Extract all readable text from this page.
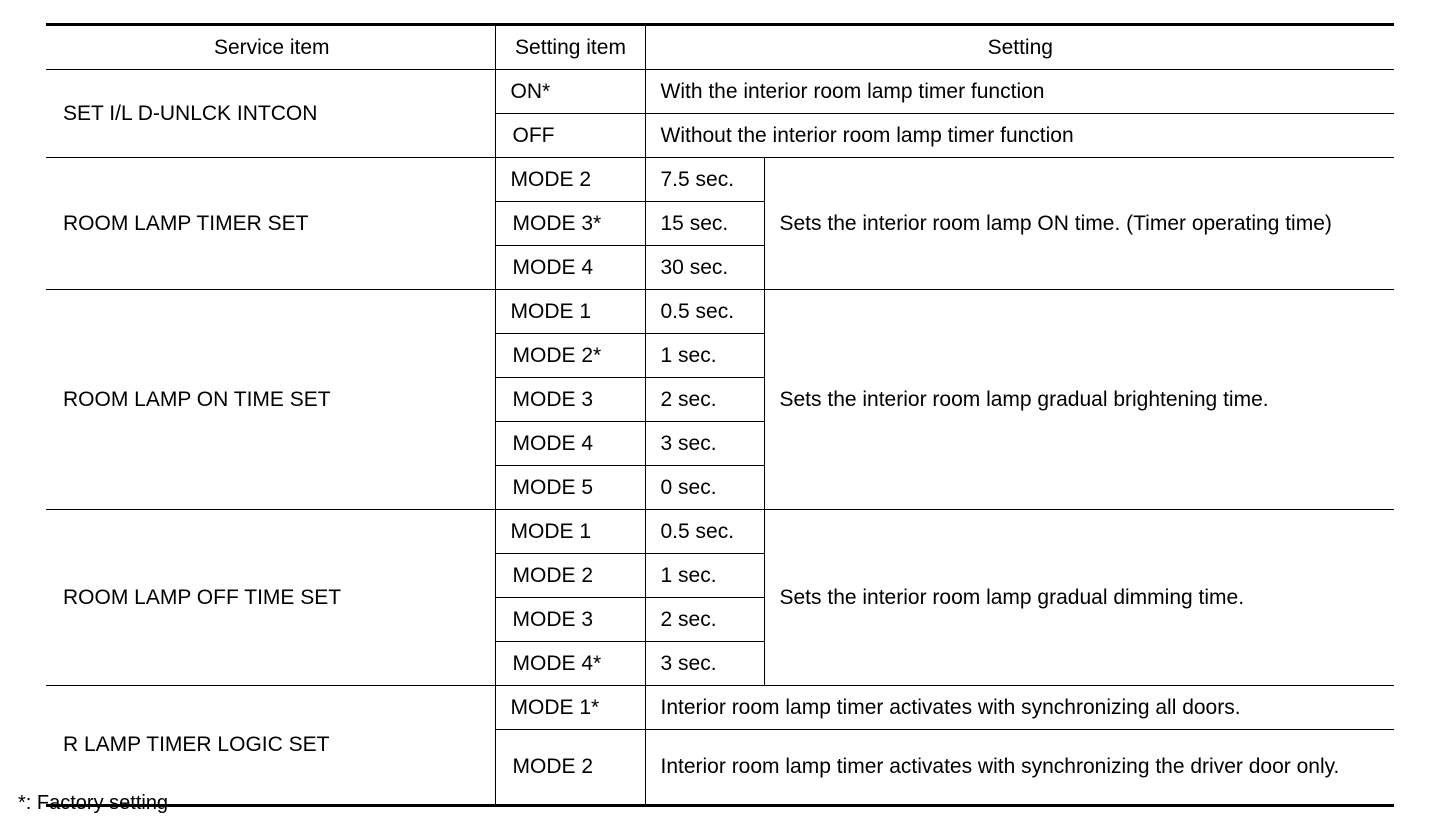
Service item	Setting item	Setting	
SET I/L D-UNLCK INTCON	ON*	With the interior room lamp timer function	
	OFF	Without the interior room lamp timer function	
ROOM LAMP TIMER SET	MODE 2	7.5 sec.	Sets the interior room lamp ON time. (Timer operating time)
	MODE 3*	15 sec.	
	MODE 4	30 sec.	
ROOM LAMP ON TIME SET	MODE 1	0.5 sec.	Sets the interior room lamp gradual brightening time.
	MODE 2*	1 sec.	
	MODE 3	2 sec.	
	MODE 4	3 sec.	
	MODE 5	0 sec.	
ROOM LAMP OFF TIME SET	MODE 1	0.5 sec.	Sets the interior room lamp gradual dimming time.
	MODE 2	1 sec.	
	MODE 3	2 sec.	
	MODE 4*	3 sec.	
R LAMP TIMER LOGIC SET	MODE 1*	Interior room lamp timer activates with synchronizing all doors.	
	MODE 2	Interior room lamp timer activates with synchronizing the driver door only.	
*: Factory setting
